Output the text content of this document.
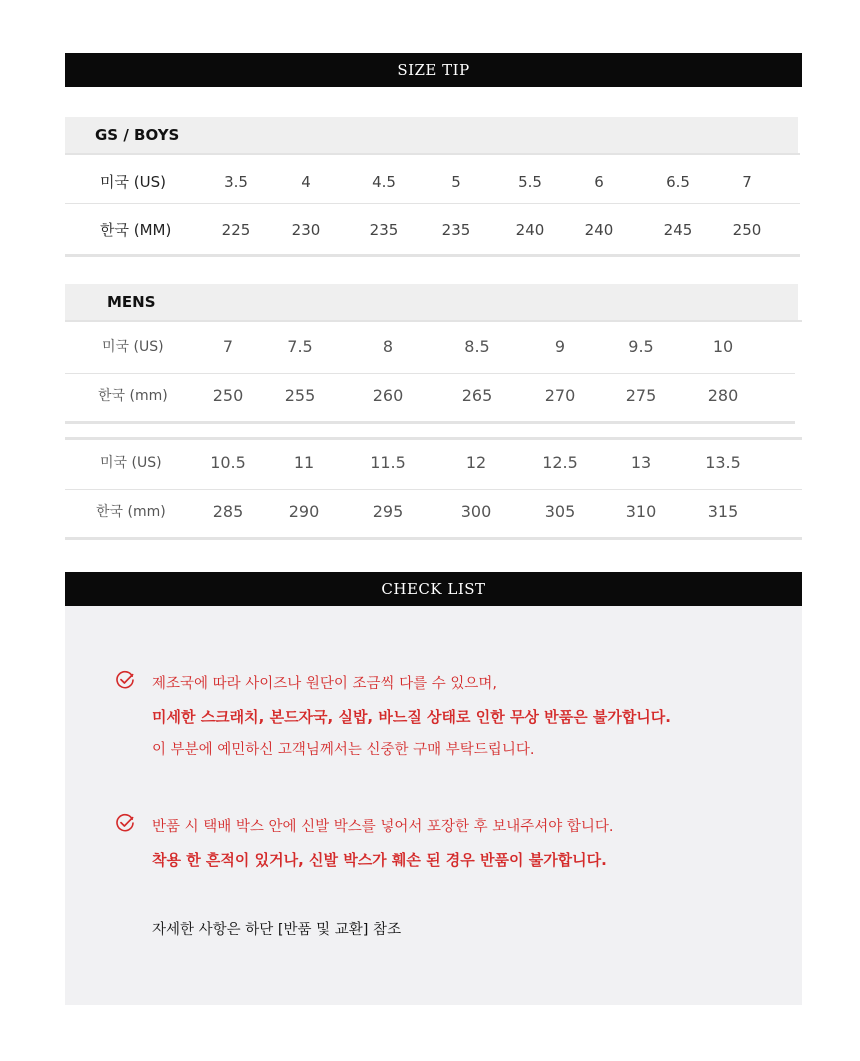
SIZE TIP
GS / BOYS
미국 (US)	3.5	4	4.5	5	5.5	6	6.5	7
한국 (MM)	225	230	235	235	240	240	245	250
MENS
미국 (US)	7	7.5	8	8.5	9	9.5	10
한국 (mm)	250	255	260	265	270	275	280
미국 (US)	10.5	11	11.5	12	12.5	13	13.5
한국 (mm)	285	290	295	300	305	310	315
CHECK LIST

제조국에 따라 사이즈나 원단이 조금씩 다를 수 있으며,

미세한 스크래치, 본드자국, 실밥, 바느질 상태로 인한 무상 반품은 불가합니다.

이 부분에 예민하신 고객님께서는 신중한 구매 부탁드립니다.

반품 시 택배 박스 안에 신발 박스를 넣어서 포장한 후 보내주셔야 합니다.

착용 한 흔적이 있거나, 신발 박스가 훼손 된 경우 반품이 불가합니다.

자세한 사항은 하단 [반품 및 교환] 참조
